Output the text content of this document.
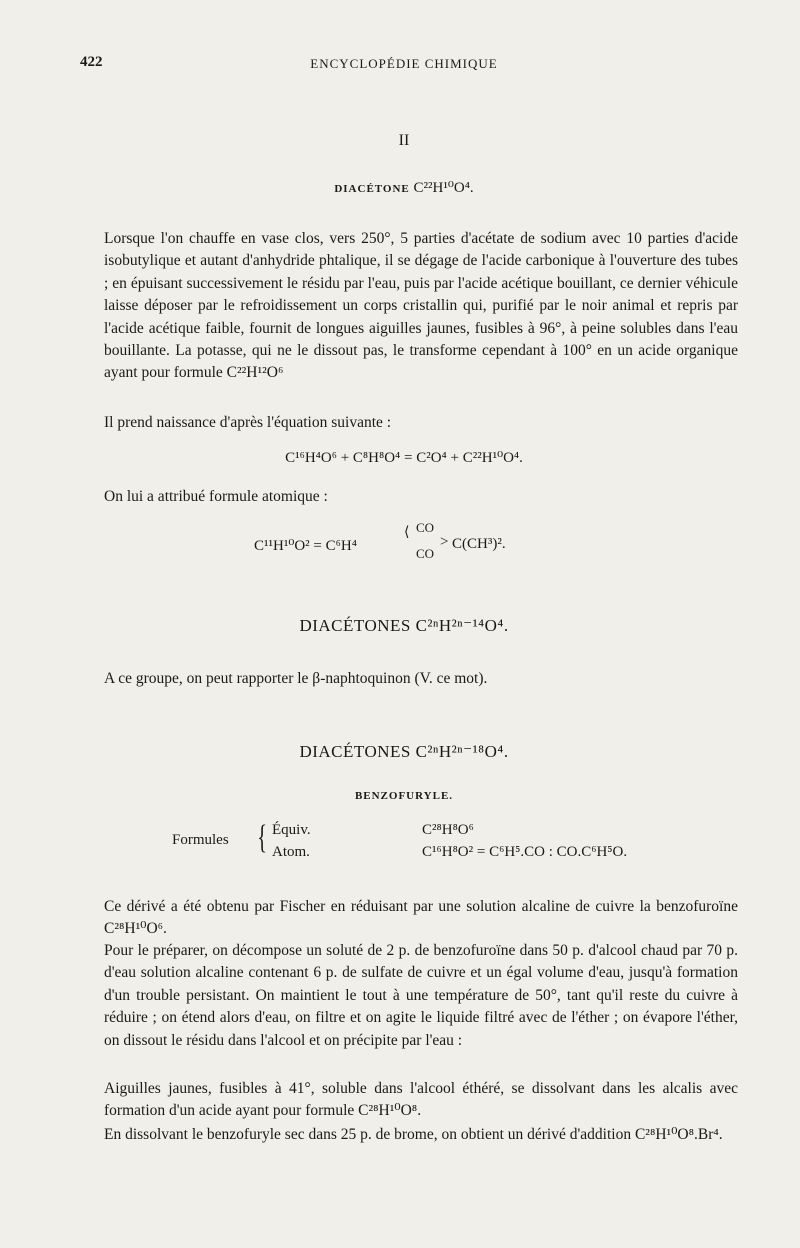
422	ENCYCLOPÉDIE CHIMIQUE
II
DIACÉTONE C²²H¹⁰O⁴.
Lorsque l'on chauffe en vase clos, vers 250°, 5 parties d'acétate de sodium avec 10 parties d'acide isobutylique et autant d'anhydride phtalique, il se dégage de l'acide carbonique à l'ouverture des tubes ; en épuisant successivement le résidu par l'eau, puis par l'acide acétique bouillant, ce dernier véhicule laisse déposer par le refroidissement un corps cristallin qui, purifié par le noir animal et repris par l'acide acétique faible, fournit de longues aiguilles jaunes, fusibles à 96°, à peine solubles dans l'eau bouillante. La potasse, qui ne le dissout pas, le transforme cependant à 100° en un acide organique ayant pour formule C²²H¹²O⁶
Il prend naissance d'après l'équation suivante :
C¹⁶H⁴O⁶ + C⁸H⁸O⁴ = C²O⁴ + C²²H¹⁰O⁴.
On lui a attribué formule atomique :
C¹¹H¹⁰O² = C⁶H⁴
⟨ CO
CO
> C(CH³)².
DIACÉTONES C²ⁿH²ⁿ⁻¹⁴O⁴.
A ce groupe, on peut rapporter le β-naphtoquinon (V. ce mot).
DIACÉTONES C²ⁿH²ⁿ⁻¹⁸O⁴.
BENZOFURYLE.
Formules { Équiv.	C²⁸H⁸O⁶
Atom.	C¹⁶H⁸O² = C⁶H⁵.CO : CO.C⁶H⁵O.
Ce dérivé a été obtenu par Fischer en réduisant par une solution alcaline de cuivre la benzofuroïne C²⁸H¹⁰O⁶.
Pour le préparer, on décompose un soluté de 2 p. de benzofuroïne dans 50 p. d'alcool chaud par 70 p. d'eau solution alcaline contenant 6 p. de sulfate de cuivre et un égal volume d'eau, jusqu'à formation d'un trouble persistant. On maintient le tout à une température de 50°, tant qu'il reste du cuivre à réduire ; on étend alors d'eau, on filtre et on agite le liquide filtré avec de l'éther ; on évapore l'éther, on dissout le résidu dans l'alcool et on précipite par l'eau :
Aiguilles jaunes, fusibles à 41°, soluble dans l'alcool éthéré, se dissolvant dans les alcalis avec formation d'un acide ayant pour formule C²⁸H¹⁰O⁸.
En dissolvant le benzofuryle sec dans 25 p. de brome, on obtient un dérivé d'addition C²⁸H¹⁰O⁸.Br⁴.
